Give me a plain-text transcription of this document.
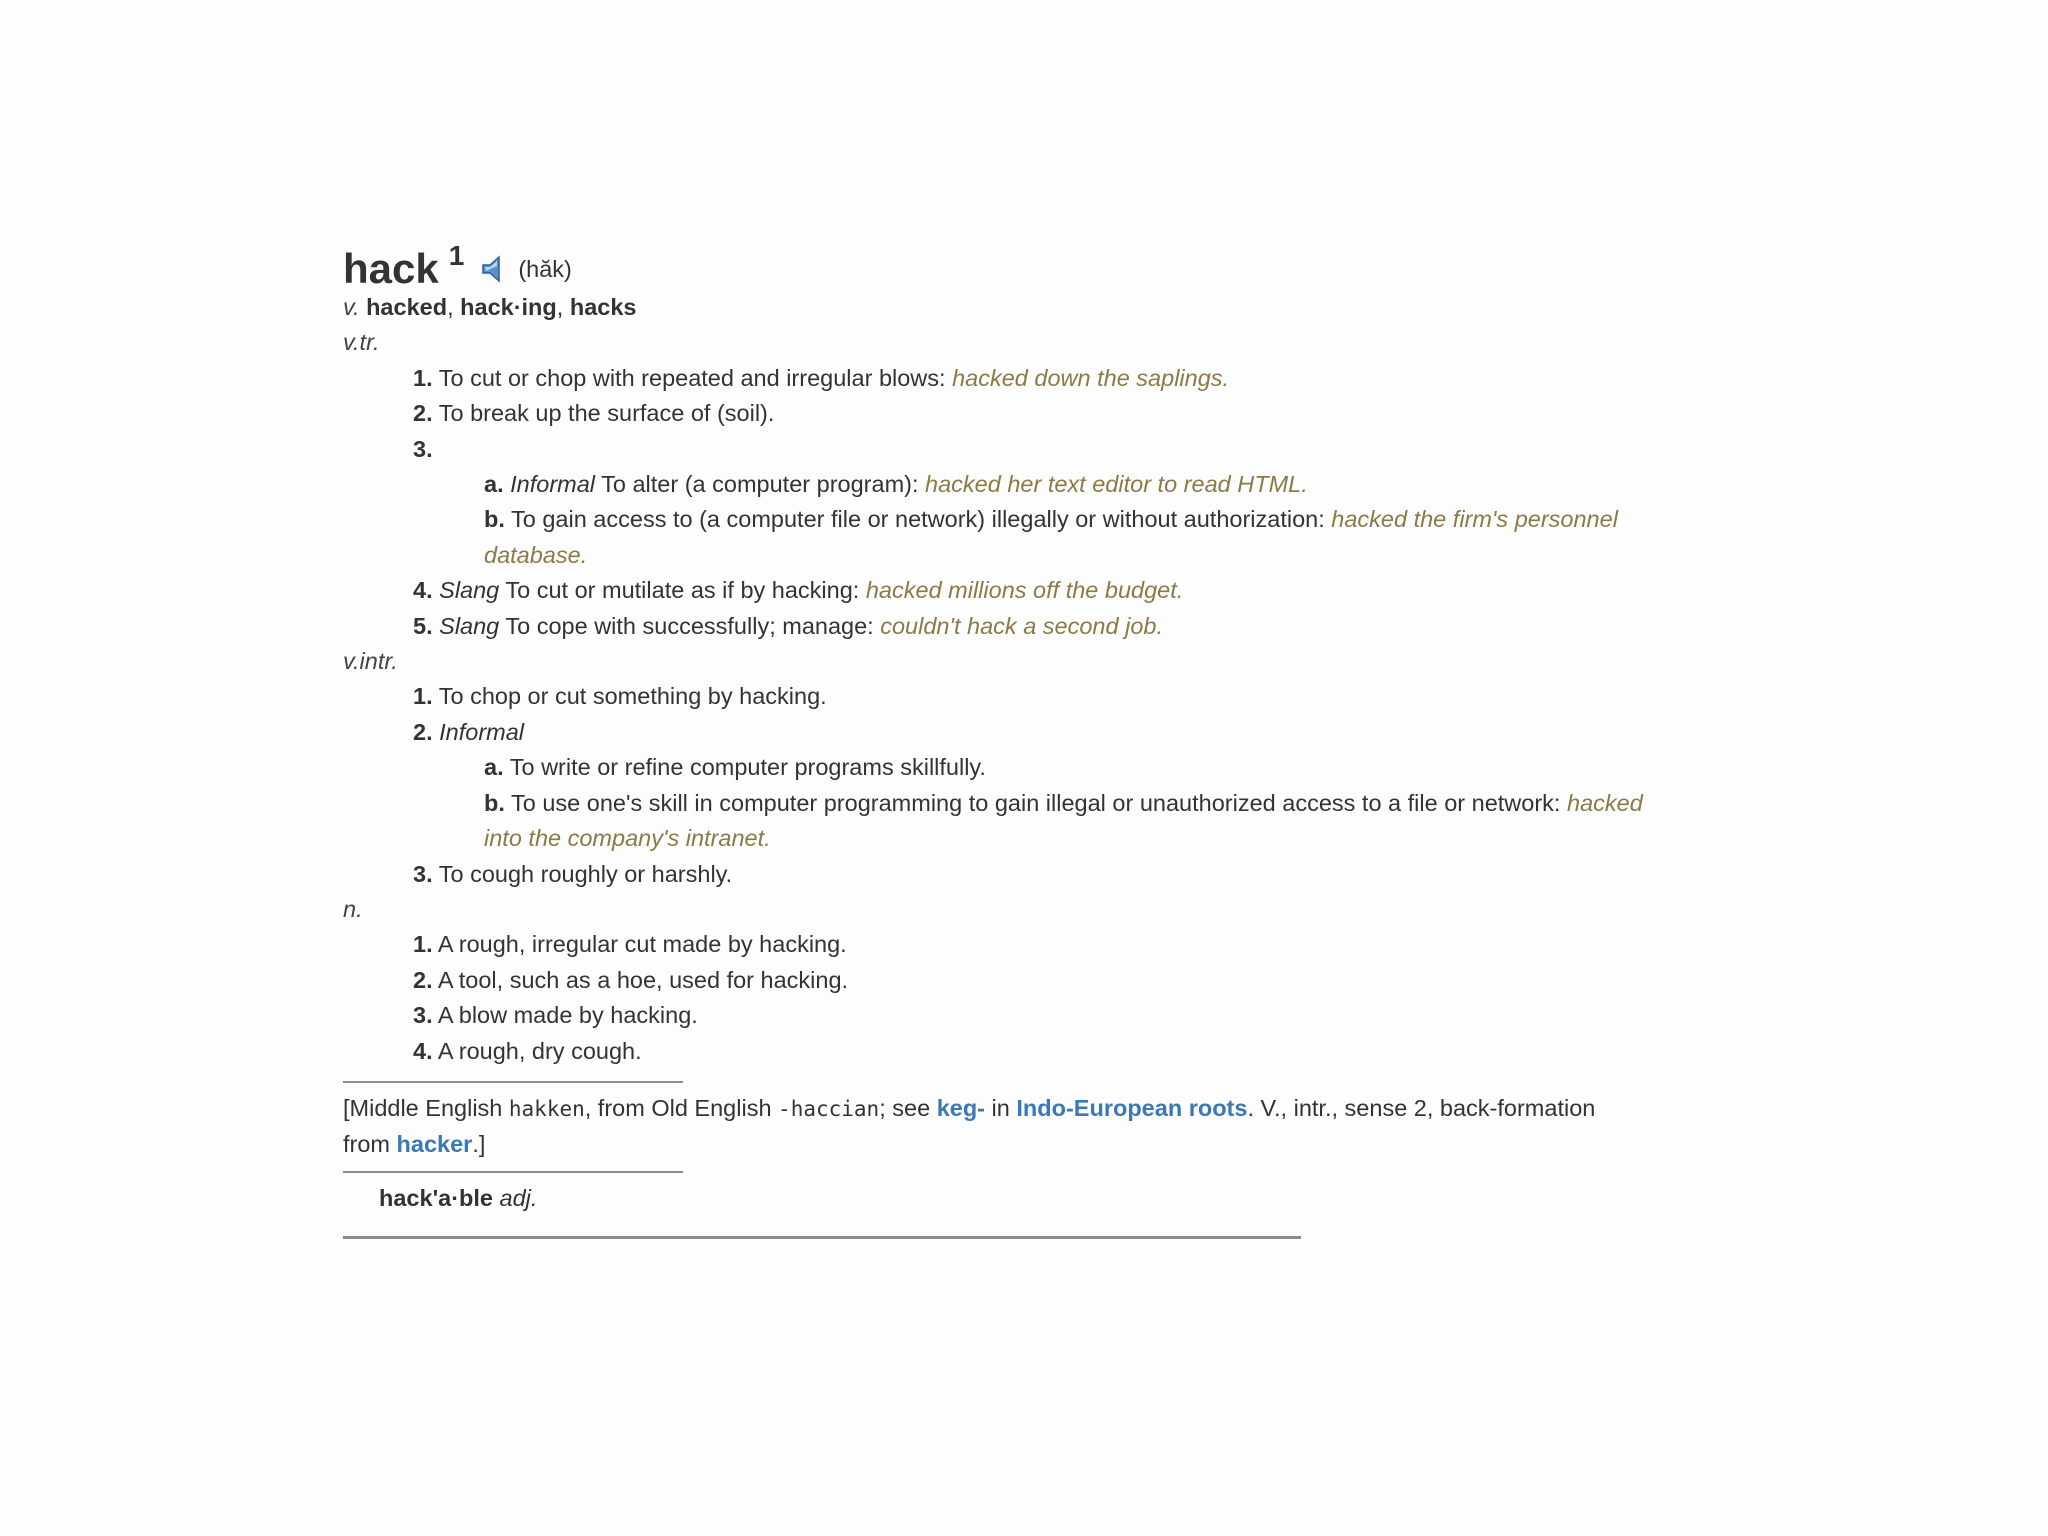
hack $^1$ (hăk)
v. hacked, hack·ing, hacks
v.tr.
1. To cut or chop with repeated and irregular blows: hacked down the saplings.
2. To break up the surface of (soil).
3.
a. Informal To alter (a computer program): hacked her text editor to read HTML.
b. To gain access to (a computer file or network) illegally or without authorization: hacked the firm's personnel
database.
4. Slang To cut or mutilate as if by hacking: hacked millions off the budget.
5. Slang To cope with successfully; manage: couldn't hack a second job.
v.intr.
1. To chop or cut something by hacking.
2. Informal
a. To write or refine computer programs skillfully.
b. To use one's skill in computer programming to gain illegal or unauthorized access to a file or network: hacked
into the company's intranet.
3. To cough roughly or harshly.
n.
1. A rough, irregular cut made by hacking.
2. A tool, such as a hoe, used for hacking.
3. A blow made by hacking.
4. A rough, dry cough.
[Middle English hakken, from Old English -haccian; see keg- in Indo-European roots. V., intr., sense 2, back-formation
from hacker.]
hack'a·ble adj.
